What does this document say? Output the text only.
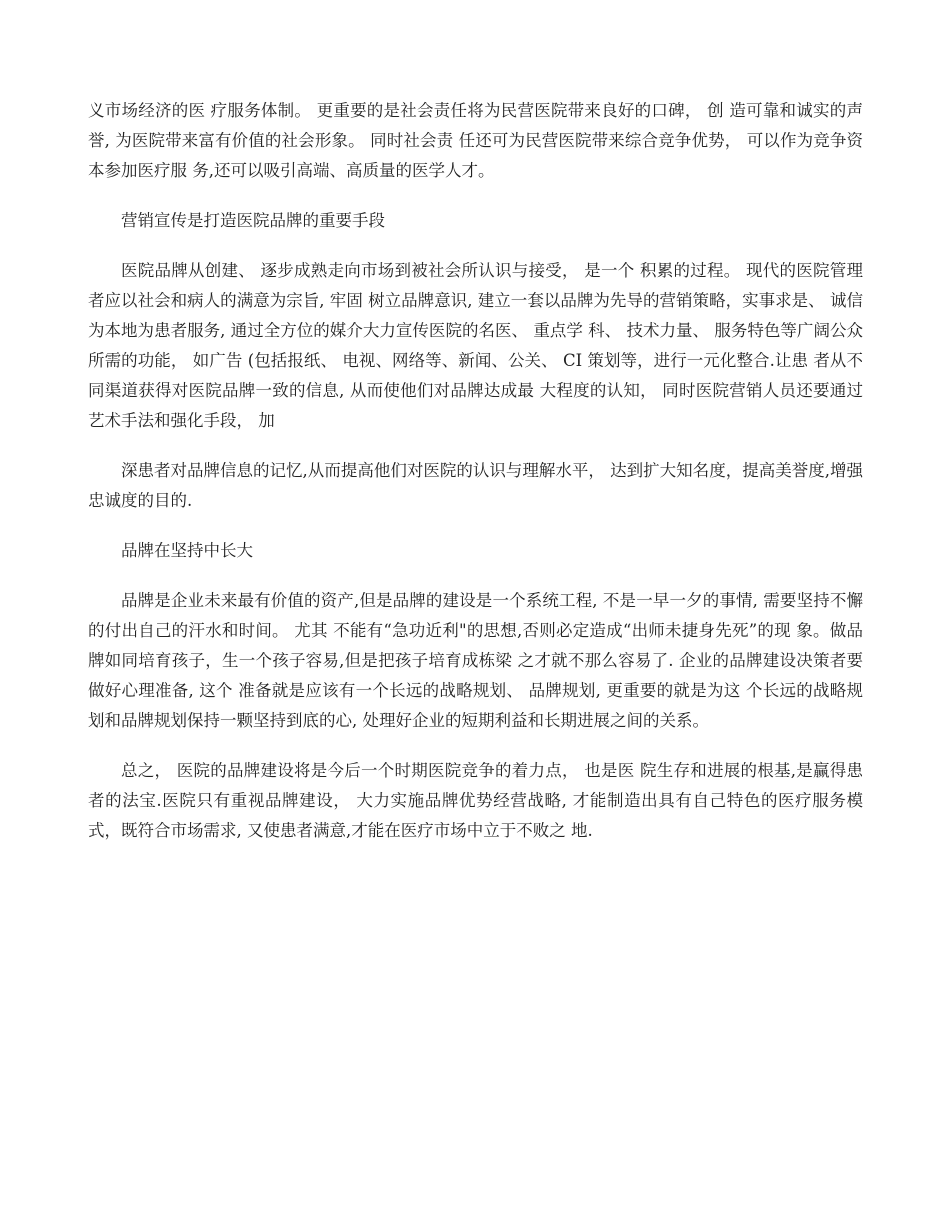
义市场经济的医 疗服务体制。 更重要的是社会责任将为民营医院带来良好的口碑， 创 造可靠和诚实的声誉, 为医院带来富有价值的社会形象。 同时社会责 任还可为民营医院带来综合竞争优势， 可以作为竞争资本参加医疗服 务,还可以吸引高端、高质量的医学人才。

营销宣传是打造医院品牌的重要手段

医院品牌从创建、 逐步成熟走向市场到被社会所认识与接受， 是一个 积累的过程。 现代的医院管理者应以社会和病人的满意为宗旨, 牢固 树立品牌意识, 建立一套以品牌为先导的营销策略，实事求是、 诚信 为本地为患者服务, 通过全方位的媒介大力宣传医院的名医、 重点学 科、 技术力量、 服务特色等广阔公众所需的功能， 如广告 (包括报纸、 电视、网络等、新闻、公关、 CI 策划等，进行一元化整合.让患 者从不同渠道获得对医院品牌一致的信息, 从而使他们对品牌达成最 大程度的认知， 同时医院营销人员还要通过艺术手法和强化手段， 加

深患者对品牌信息的记忆,从而提高他们对医院的认识与理解水平， 达到扩大知名度，提高美誉度,增强忠诚度的目的.

品牌在坚持中长大

品牌是企业未来最有价值的资产,但是品牌的建设是一个系统工程, 不是一早一夕的事情, 需要坚持不懈的付出自己的汗水和时间。 尤其 不能有“急功近利"的思想,否则必定造成“出师未捷身先死”的现 象。做品牌如同培育孩子，生一个孩子容易,但是把孩子培育成栋梁 之才就不那么容易了. 企业的品牌建设决策者要做好心理准备, 这个 准备就是应该有一个长远的战略规划、 品牌规划, 更重要的就是为这 个长远的战略规划和品牌规划保持一颗坚持到底的心, 处理好企业的短期利益和长期进展之间的关系。

总之， 医院的品牌建设将是今后一个时期医院竞争的着力点， 也是医 院生存和进展的根基,是赢得患者的法宝.医院只有重视品牌建设， 大力实施品牌优势经营战略, 才能制造出具有自己特色的医疗服务模 式，既符合市场需求, 又使患者满意,才能在医疗市场中立于不败之 地.
